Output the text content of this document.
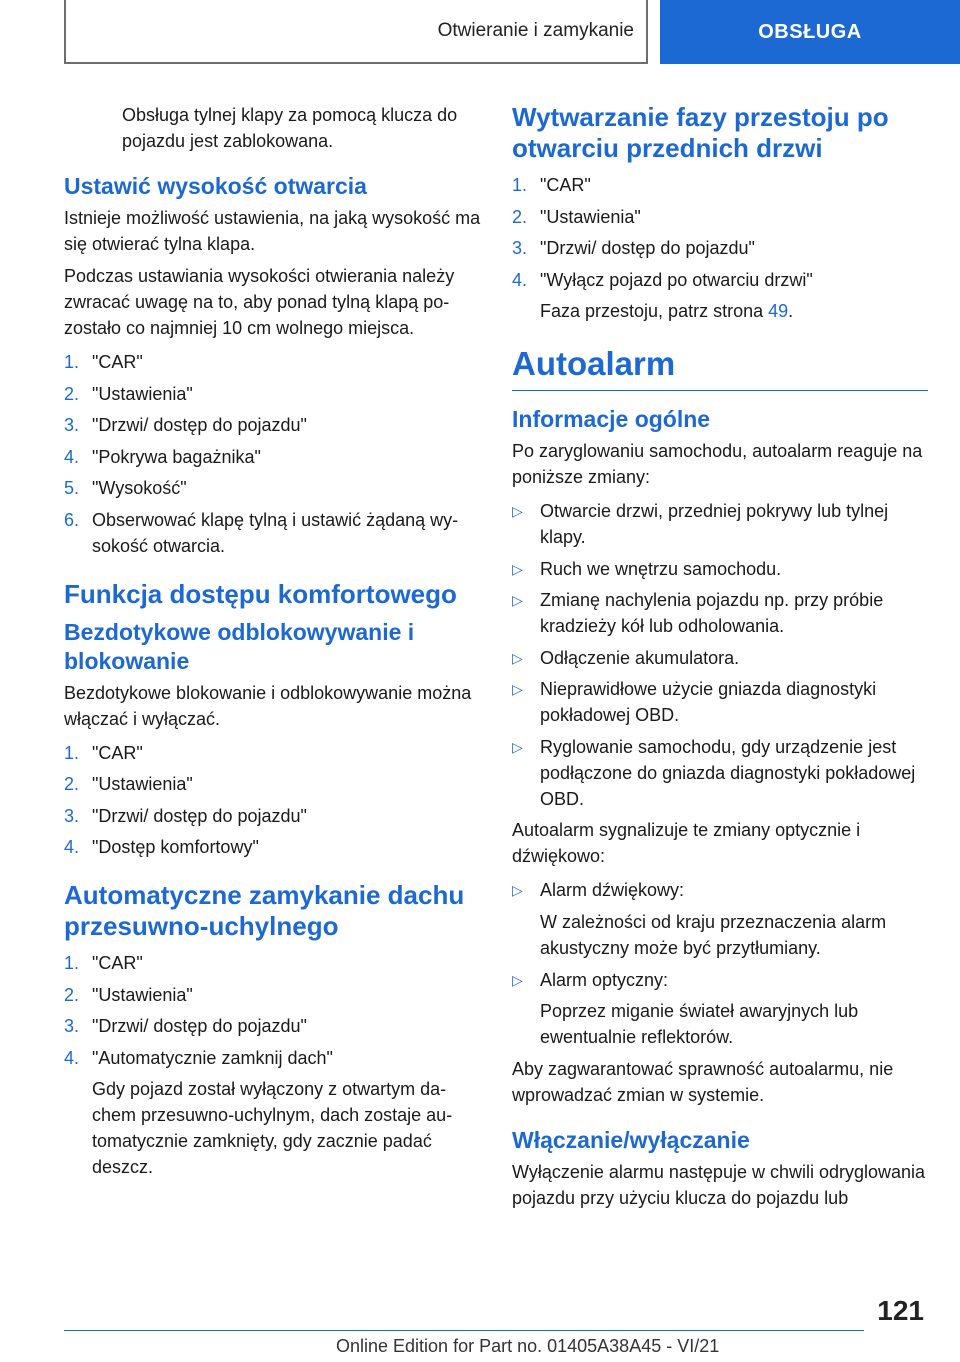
Otwieranie i zamykanie	OBSŁUGA

Obsługa tylnej klapy za pomocą klucza do pojazdu jest zablokowana.

Ustawić wysokość otwarcia

Istnieje możliwość ustawienia, na jaką wysokość ma się otwierać tylna klapa.

Podczas ustawiania wysokości otwierania należy zwracać uwagę na to, aby ponad tylną klapą pozostało co najmniej 10 cm wolnego miejsca.

1. "CAR"
2. "Ustawienia"
3. "Drzwi/ dostęp do pojazdu"
4. "Pokrywa bagażnika"
5. "Wysokość"
6. Obserwować klapę tylną i ustawić żądaną wysokość otwarcia.
Funkcja dostępu komfortowego
Bezdotykowe odblokowywanie i blokowanie

Bezdotykowe blokowanie i odblokowywanie można włączać i wyłączać.

1. "CAR"
2. "Ustawienia"
3. "Drzwi/ dostęp do pojazdu"
4. "Dostęp komfortowy"
Automatyczne zamykanie dachu przesuwno-uchylnego
1. "CAR"
2. "Ustawienia"
3. "Drzwi/ dostęp do pojazdu"
4. "Automatycznie zamknij dach"

Gdy pojazd został wyłączony z otwartym dachem przesuwno-uchylnym, dach zostaje automatycznie zamknięty, gdy zacznie padać deszcz.

Wytwarzanie fazy przestoju po otwarciu przednich drzwi
1. "CAR"
2. "Ustawienia"
3. "Drzwi/ dostęp do pojazdu"
4. "Wyłącz pojazd po otwarciu drzwi"

Faza przestoju, patrz strona 49.

Autoalarm
Informacje ogólne

Po zaryglowaniu samochodu, autoalarm reaguje na poniższe zmiany:

▷ Otwarcie drzwi, przedniej pokrywy lub tylnej klapy.
▷ Ruch we wnętrzu samochodu.
▷ Zmianę nachylenia pojazdu np. przy próbie kradzieży kół lub odholowania.
▷ Odłączenie akumulatora.
▷ Nieprawidłowe użycie gniazda diagnostyki pokładowej OBD.
▷ Ryglowanie samochodu, gdy urządzenie jest podłączone do gniazda diagnostyki pokładowej OBD.

Autoalarm sygnalizuje te zmiany optycznie i dźwiękowo:

▷ Alarm dźwiękowy:

W zależności od kraju przeznaczenia alarm akustyczny może być przytłumiany.

▷ Alarm optyczny:

Poprzez miganie świateł awaryjnych lub ewentualnie reflektorów.

Aby zagwarantować sprawność autoalarmu, nie wprowadzać zmian w systemie.

Włączanie/wyłączanie

Wyłączenie alarmu następuje w chwili odryglowania pojazdu przy użyciu klucza do pojazdu lub

121
Online Edition for Part no. 01405A38A45 - VI/21
